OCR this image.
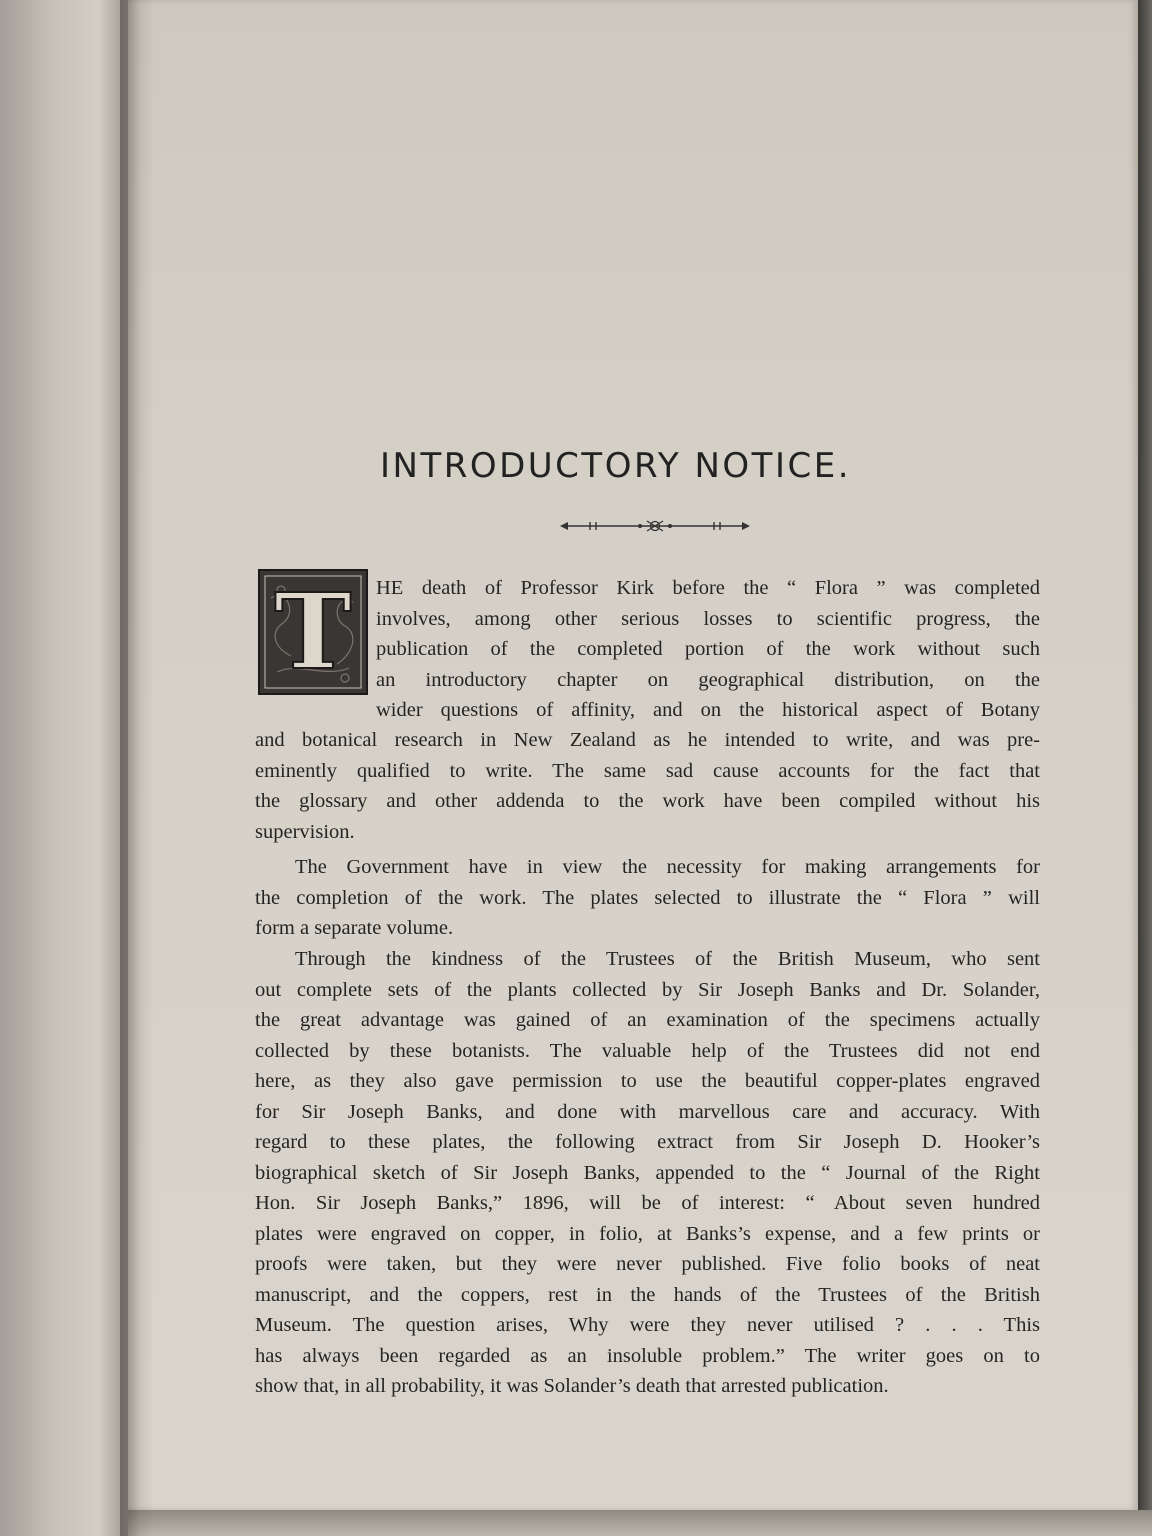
INTRODUCTORY NOTICE.
T HE death of Professor Kirk before the “ Flora ” was completed
involves, among other serious losses to scientific progress, the
publication of the completed portion of the work without such
an introductory chapter on geographical distribution, on the
wider questions of affinity, and on the historical aspect of Botany
and botanical research in New Zealand as he intended to write, and was pre-
eminently qualified to write. The same sad cause accounts for the fact that
the glossary and other addenda to the work have been compiled without his
supervision.
The Government have in view the necessity for making arrangements for
the completion of the work. The plates selected to illustrate the “ Flora ” will
form a separate volume.
Through the kindness of the Trustees of the British Museum, who sent
out complete sets of the plants collected by Sir Joseph Banks and Dr. Solander,
the great advantage was gained of an examination of the specimens actually
collected by these botanists. The valuable help of the Trustees did not end
here, as they also gave permission to use the beautiful copper-plates engraved
for Sir Joseph Banks, and done with marvellous care and accuracy. With
regard to these plates, the following extract from Sir Joseph D. Hooker’s
biographical sketch of Sir Joseph Banks, appended to the “ Journal of the Right
Hon. Sir Joseph Banks,” 1896, will be of interest: “ About seven hundred
plates were engraved on copper, in folio, at Banks’s expense, and a few prints or
proofs were taken, but they were never published. Five folio books of neat
manuscript, and the coppers, rest in the hands of the Trustees of the British
Museum. The question arises, Why were they never utilised ? . . . This
has always been regarded as an insoluble problem.” The writer goes on to
show that, in all probability, it was Solander’s death that arrested publication.
